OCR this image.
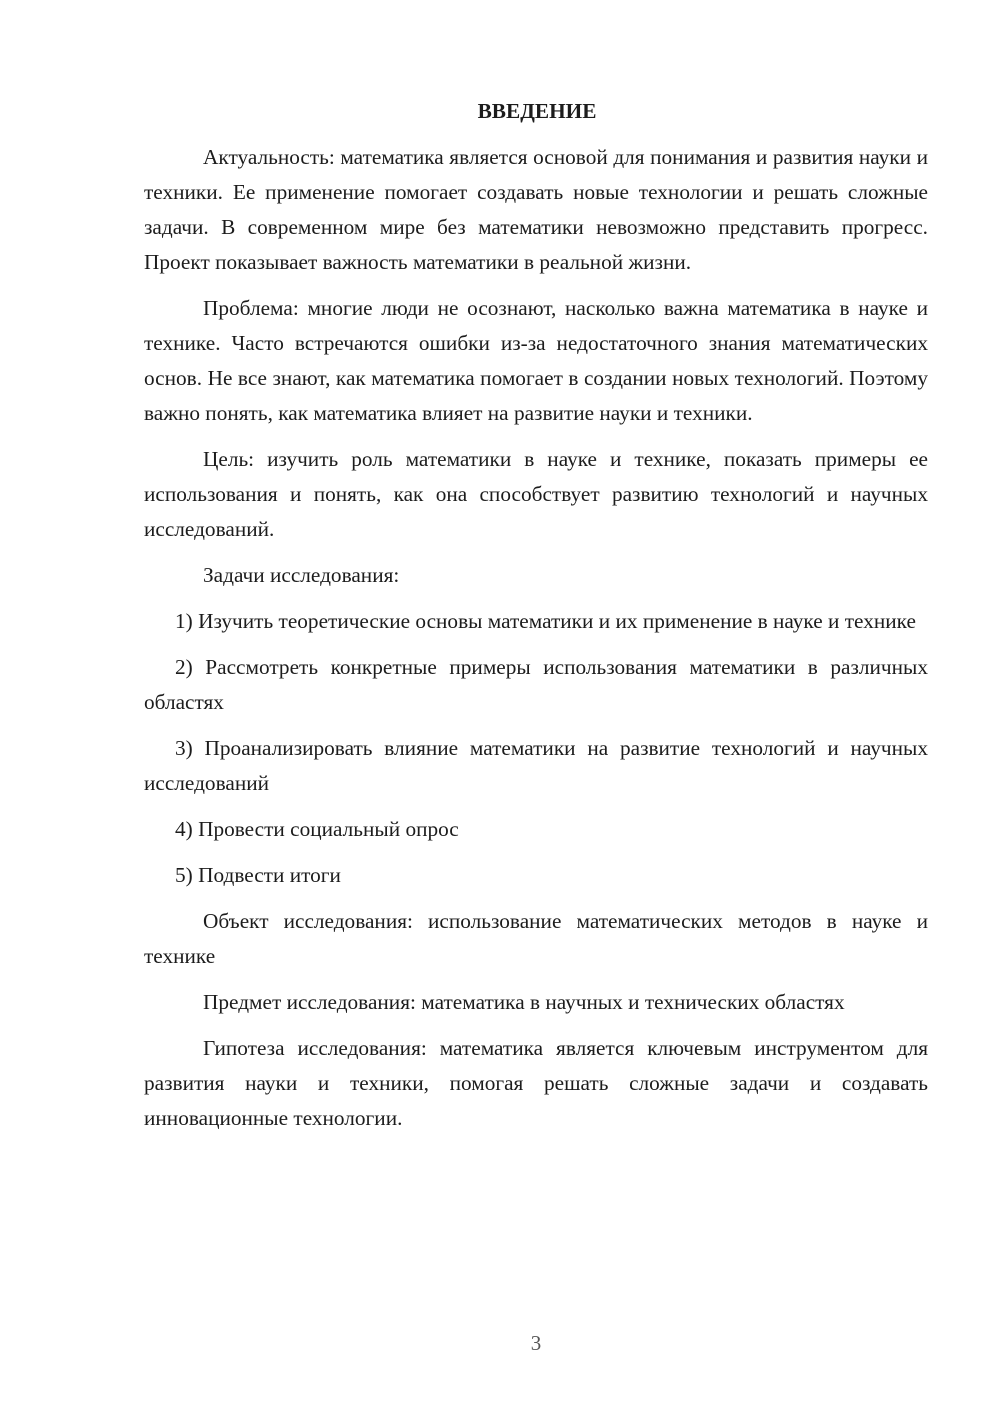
ВВЕДЕНИЕ

Актуальность: математика является основой для понимания и развития науки и техники. Ее применение помогает создавать новые технологии и решать сложные задачи. В современном мире без математики невозможно представить прогресс. Проект показывает важность математики в реальной жизни.

Проблема: многие люди не осознают, насколько важна математика в науке и технике. Часто встречаются ошибки из-за недостаточного знания математических основ. Не все знают, как математика помогает в создании новых технологий. Поэтому важно понять, как математика влияет на развитие науки и техники.

Цель: изучить роль математики в науке и технике, показать примеры ее использования и понять, как она способствует развитию технологий и научных исследований.

Задачи исследования:

1) Изучить теоретические основы математики и их применение в науке и технике

2) Рассмотреть конкретные примеры использования математики в различных областях

3) Проанализировать влияние математики на развитие технологий и научных исследований

4) Провести социальный опрос

5) Подвести итоги

Объект исследования: использование математических методов в науке и технике

Предмет исследования: математика в научных и технических областях

Гипотеза исследования: математика является ключевым инструментом для развития науки и техники, помогая решать сложные задачи и создавать инновационные технологии.

3
